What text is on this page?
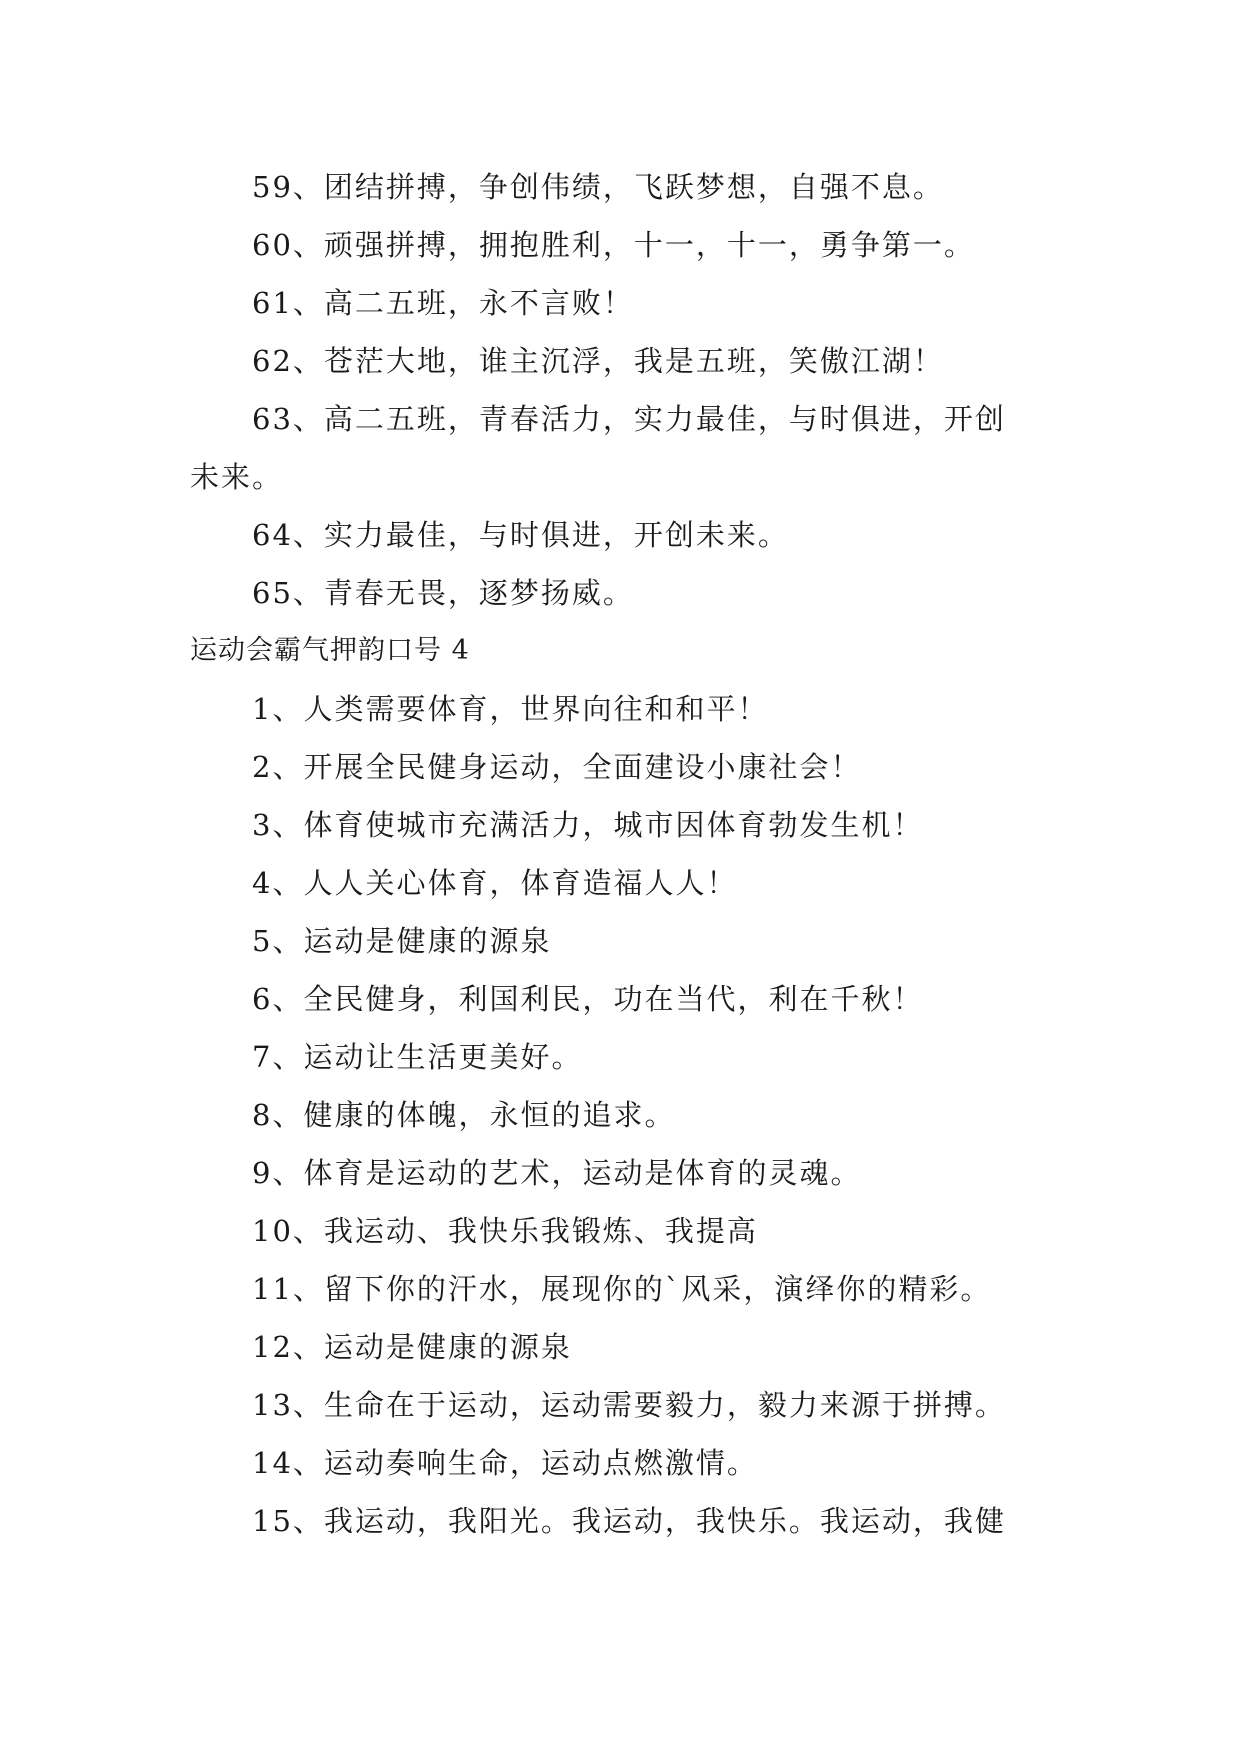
59、团结拼搏，争创伟绩，飞跃梦想，自强不息。
60、顽强拼搏，拥抱胜利，十一，十一，勇争第一。
61、高二五班，永不言败！
62、苍茫大地，谁主沉浮，我是五班，笑傲江湖！
63、高二五班，青春活力，实力最佳，与时俱进，开创
未来。
64、实力最佳，与时俱进，开创未来。
65、青春无畏，逐梦扬威。
运动会霸气押韵口号 4
1、人类需要体育，世界向往和和平！
2、开展全民健身运动，全面建设小康社会！
3、体育使城市充满活力，城市因体育勃发生机！
4、人人关心体育，体育造福人人！
5、运动是健康的源泉
6、全民健身，利国利民，功在当代，利在千秋！
7、运动让生活更美好。
8、健康的体魄，永恒的追求。
9、体育是运动的艺术，运动是体育的灵魂。
10、我运动、我快乐我锻炼、我提高
11、留下你的汗水，展现你的`风采，演绎你的精彩。
12、运动是健康的源泉
13、生命在于运动，运动需要毅力，毅力来源于拼搏。
14、运动奏响生命，运动点燃激情。
15、我运动，我阳光。我运动，我快乐。我运动，我健
